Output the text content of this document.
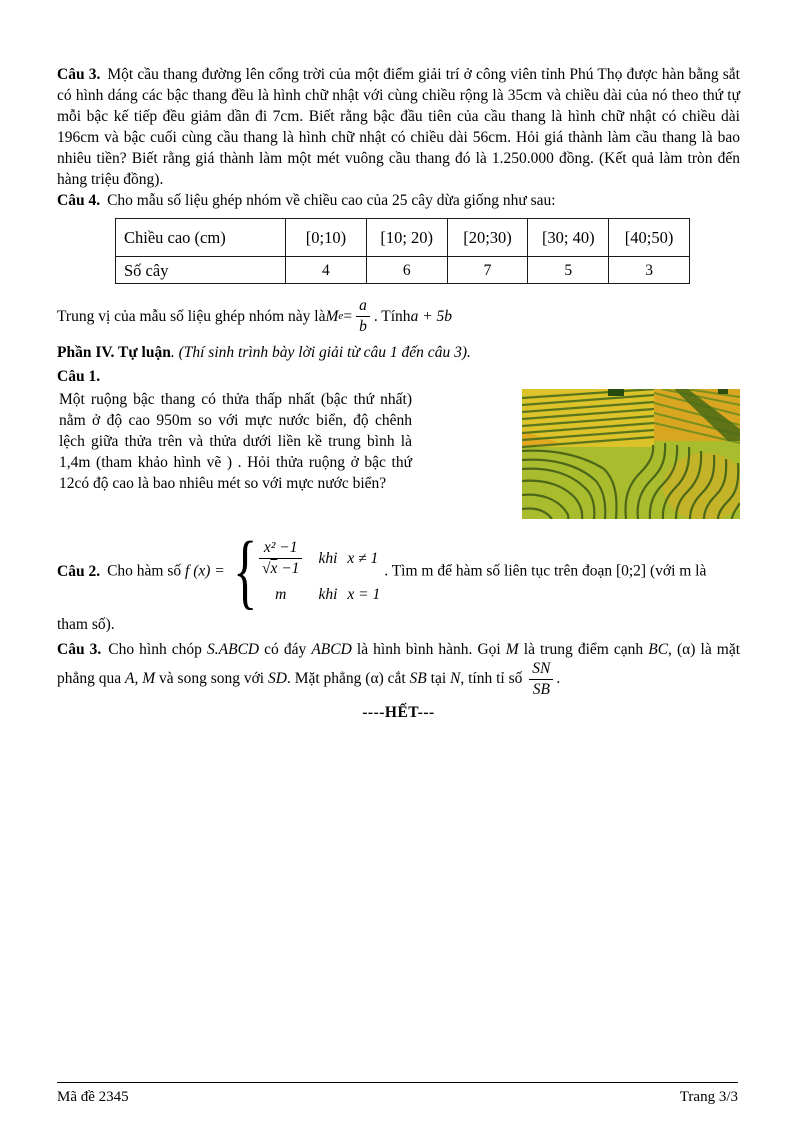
Câu 3. Một cầu thang đường lên cổng trời của một điểm giải trí ở công viên tỉnh Phú Thọ được hàn bằng sắt có hình dáng các bậc thang đều là hình chữ nhật với cùng chiều rộng là 35cm và chiều dài của nó theo thứ tự mỗi bậc kế tiếp đều giảm dần đi 7cm. Biết rằng bậc đầu tiên của cầu thang là hình chữ nhật có chiều dài 196cm và bậc cuối cùng cầu thang là hình chữ nhật có chiều dài 56cm. Hỏi giá thành làm cầu thang là bao nhiêu tiền? Biết rằng giá thành làm một mét vuông cầu thang đó là 1.250.000 đồng. (Kết quả làm tròn đến hàng triệu đồng).

Câu 4. Cho mẫu số liệu ghép nhóm về chiều cao của 25 cây dừa giống như sau:

Chiều cao (cm)	[0;10)	[10; 20)	[20;30)	[30; 40)	[40;50)
Số cây	4	6	7	5	3
Trung vị của mẫu số liệu ghép nhóm này là M $e = \frac{a}{b}$ . Tính a + 5b

Phần IV. Tự luận. (Thí sinh trình bày lời giải từ câu 1 đến câu 3).

Câu 1.

Một ruộng bậc thang có thửa thấp nhất (bậc thứ nhất) nằm ở độ cao 950m so với mực nước biển, độ chênh lệch giữa thửa trên và thửa dưới liền kề trung bình là 1,4m (tham khảo hình vẽ ) . Hỏi thửa ruộng ở bậc thứ 12có độ cao là bao nhiêu mét so với mực nước biển?

Câu 2. Cho hàm số f (x) = { $\frac{\text{x² −1}}{√x -1}$ khi x ≠ 1
m khi x = 1
. Tìm m để hàm số liên tục trên đoạn [0;2] (với m là tham số).

Câu 3. Cho hình chóp S.ABCD có đáy ABCD là hình bình hành. Gọi M là trung điểm cạnh BC, (α) là mặt phẳng qua A, M và song song với SD. Mặt phẳng (α) cắt SB tại N, tính tỉ số $\frac{SN}{SB}$ .

----HẾT---

Mã đề 2345	Trang 3/3
